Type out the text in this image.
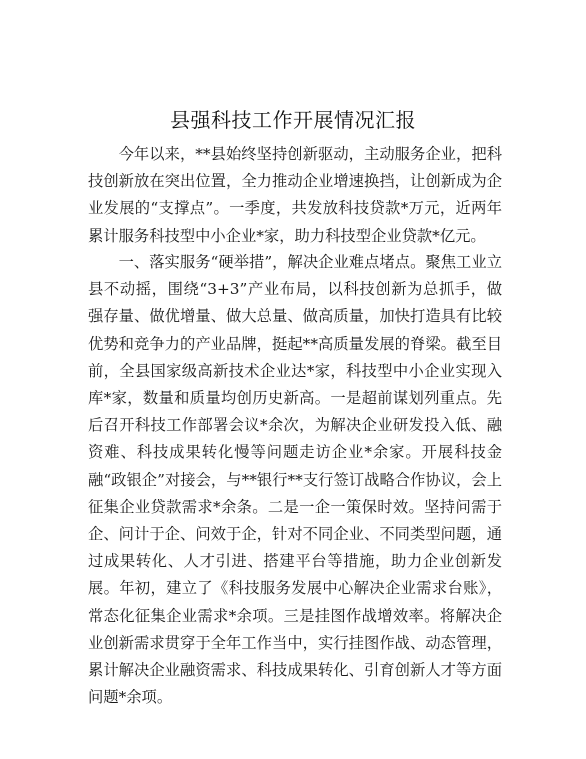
县强科技工作开展情况汇报

今年以来，**县始终坚持创新驱动，主动服务企业，把科技创新放在突出位置，全力推动企业增速换挡，让创新成为企业发展的“支撑点”。一季度，共发放科技贷款*万元，近两年累计服务科技型中小企业*家，助力科技型企业贷款*亿元。

一、落实服务“硬举措”，解决企业难点堵点。聚焦工业立县不动摇，围绕“3+3”产业布局，以科技创新为总抓手，做强存量、做优增量、做大总量、做高质量，加快打造具有比较优势和竞争力的产业品牌，挺起**高质量发展的脊梁。截至目前，全县国家级高新技术企业达*家，科技型中小企业实现入库*家，数量和质量均创历史新高。一是超前谋划列重点。先后召开科技工作部署会议*余次，为解决企业研发投入低、融资难、科技成果转化慢等问题走访企业*余家。开展科技金融“政银企”对接会，与**银行**支行签订战略合作协议，会上征集企业贷款需求*余条。二是一企一策保时效。坚持问需于企、问计于企、问效于企，针对不同企业、不同类型问题，通过成果转化、人才引进、搭建平台等措施，助力企业创新发展。年初，建立了《科技服务发展中心解决企业需求台账》，常态化征集企业需求*余项。三是挂图作战增效率。将解决企业创新需求贯穿于全年工作当中，实行挂图作战、动态管理，累计解决企业融资需求、科技成果转化、引育创新人才等方面问题*余项。
